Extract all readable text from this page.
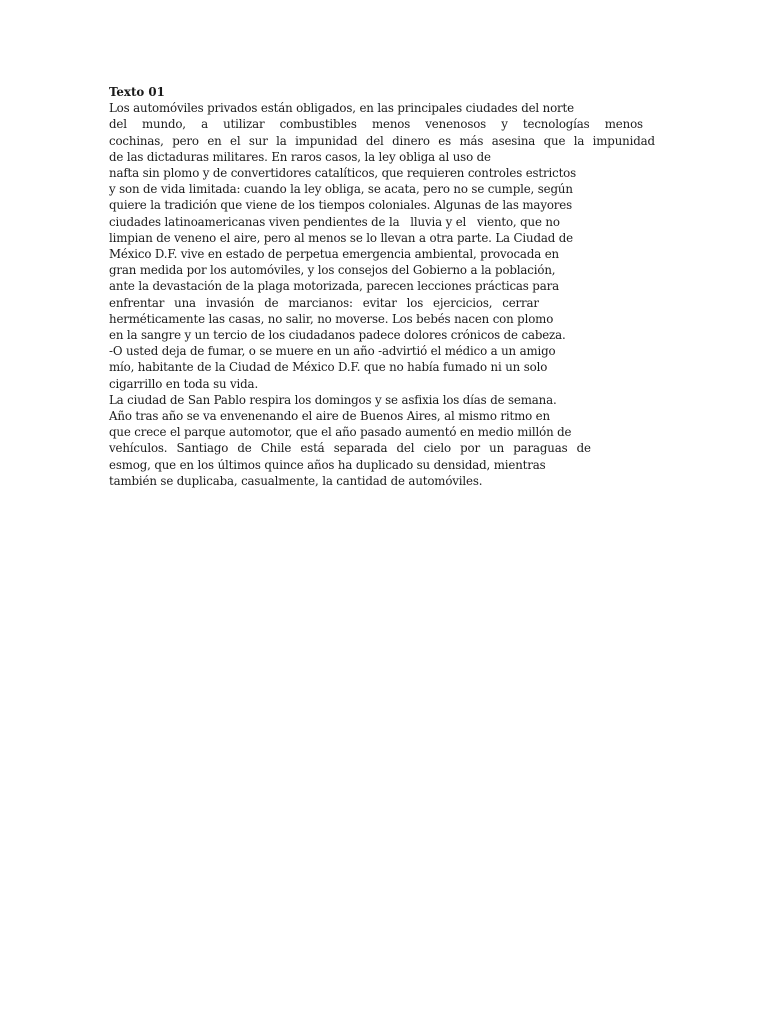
Texto 01
Los automóviles privados están obligados, en las principales ciudades del norte
del mundo, a utilizar combustibles menos venenosos y tecnologías menos
cochinas, pero en el sur la impunidad del dinero es más asesina que la impunidad
de las dictaduras militares. En raros casos, la ley obliga al uso de
nafta sin plomo y de convertidores catalíticos, que requieren controles estrictos
y son de vida limitada: cuando la ley obliga, se acata, pero no se cumple, según
quiere la tradición que viene de los tiempos coloniales. Algunas de las mayores
ciudades latinoamericanas viven pendientes de la   lluvia y el   viento, que no
limpian de veneno el aire, pero al menos se lo llevan a otra parte. La Ciudad de
México D.F. vive en estado de perpetua emergencia ambiental, provocada en
gran medida por los automóviles, y los consejos del Gobierno a la población,
ante la devastación de la plaga motorizada, parecen lecciones prácticas para
enfrentar una invasión de marcianos: evitar los ejercicios, cerrar
herméticamente las casas, no salir, no moverse. Los bebés nacen con plomo
en la sangre y un tercio de los ciudadanos padece dolores crónicos de cabeza.
-O usted deja de fumar, o se muere en un año -advirtió el médico a un amigo
mío, habitante de la Ciudad de México D.F. que no había fumado ni un solo
cigarrillo en toda su vida.
La ciudad de San Pablo respira los domingos y se asfixia los días de semana.
Año tras año se va envenenando el aire de Buenos Aires, al mismo ritmo en
que crece el parque automotor, que el año pasado aumentó en medio millón de
vehículos. Santiago de Chile está separada del cielo por un paraguas de
esmog, que en los últimos quince años ha duplicado su densidad, mientras
también se duplicaba, casualmente, la cantidad de automóviles.
